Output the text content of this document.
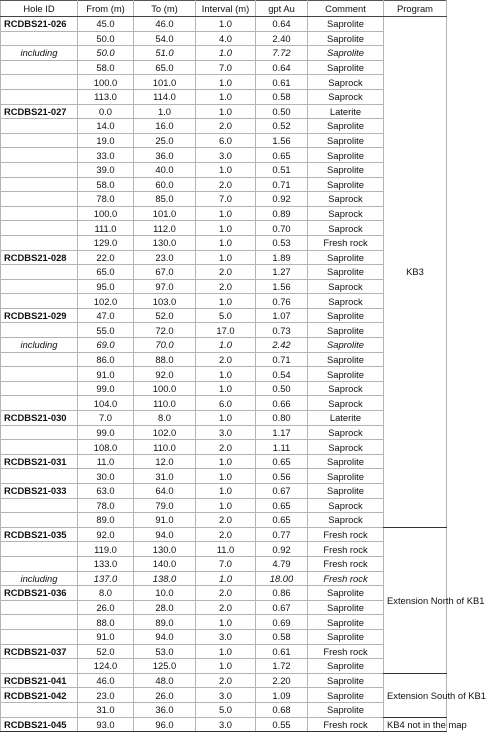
Hole ID	From (m)	To (m)	Interval (m)	gpt Au	Comment	Program
RCDBS21-026	45.0	46.0	1.0	0.64	Saprolite	KB3
	50.0	54.0	4.0	2.40	Saprolite	
including	50.0	51.0	1.0	7.72	Saprolite	
	58.0	65.0	7.0	0.64	Saprolite	
	100.0	101.0	1.0	0.61	Saprock	
	113.0	114.0	1.0	0.58	Saprock	
RCDBS21-027	0.0	1.0	1.0	0.50	Laterite	
	14.0	16.0	2.0	0.52	Saprolite	
	19.0	25.0	6.0	1.56	Saprolite	
	33.0	36.0	3.0	0.65	Saprolite	
	39.0	40.0	1.0	0.51	Saprolite	
	58.0	60.0	2.0	0.71	Saprolite	
	78.0	85.0	7.0	0.92	Saprock	
	100.0	101.0	1.0	0.89	Saprock	
	111.0	112.0	1.0	0.70	Saprock	
	129.0	130.0	1.0	0.53	Fresh rock	
RCDBS21-028	22.0	23.0	1.0	1.89	Saprolite	
	65.0	67.0	2.0	1.27	Saprolite	
	95.0	97.0	2.0	1.56	Saprock	
	102.0	103.0	1.0	0.76	Saprock	
RCDBS21-029	47.0	52.0	5.0	1.07	Saprolite	
	55.0	72.0	17.0	0.73	Saprolite	
including	69.0	70.0	1.0	2.42	Saprolite	
	86.0	88.0	2.0	0.71	Saprolite	
	91.0	92.0	1.0	0.54	Saprolite	
	99.0	100.0	1.0	0.50	Saprock	
	104.0	110.0	6.0	0.66	Saprock	
RCDBS21-030	7.0	8.0	1.0	0.80	Laterite	
	99.0	102.0	3.0	1.17	Saprock	
	108.0	110.0	2.0	1.11	Saprock	
RCDBS21-031	11.0	12.0	1.0	0.65	Saprolite	
	30.0	31.0	1.0	0.56	Saprolite	
RCDBS21-033	63.0	64.0	1.0	0.67	Saprolite	
	78.0	79.0	1.0	0.65	Saprock	
	89.0	91.0	2.0	0.65	Saprock	
RCDBS21-035	92.0	94.0	2.0	0.77	Fresh rock	Extension North of KB1
	119.0	130.0	11.0	0.92	Fresh rock	
	133.0	140.0	7.0	4.79	Fresh rock	
including	137.0	138.0	1.0	18.00	Fresh rock	
RCDBS21-036	8.0	10.0	2.0	0.86	Saprolite	
	26.0	28.0	2.0	0.67	Saprolite	
	88.0	89.0	1.0	0.69	Saprolite	
	91.0	94.0	3.0	0.58	Saprolite	
RCDBS21-037	52.0	53.0	1.0	0.61	Fresh rock	
	124.0	125.0	1.0	1.72	Saprolite	
RCDBS21-041	46.0	48.0	2.0	2.20	Saprolite	Extension South of KB1
RCDBS21-042	23.0	26.0	3.0	1.09	Saprolite	
	31.0	36.0	5.0	0.68	Saprolite	
RCDBS21-045	93.0	96.0	3.0	0.55	Fresh rock	KB4 not in the map
